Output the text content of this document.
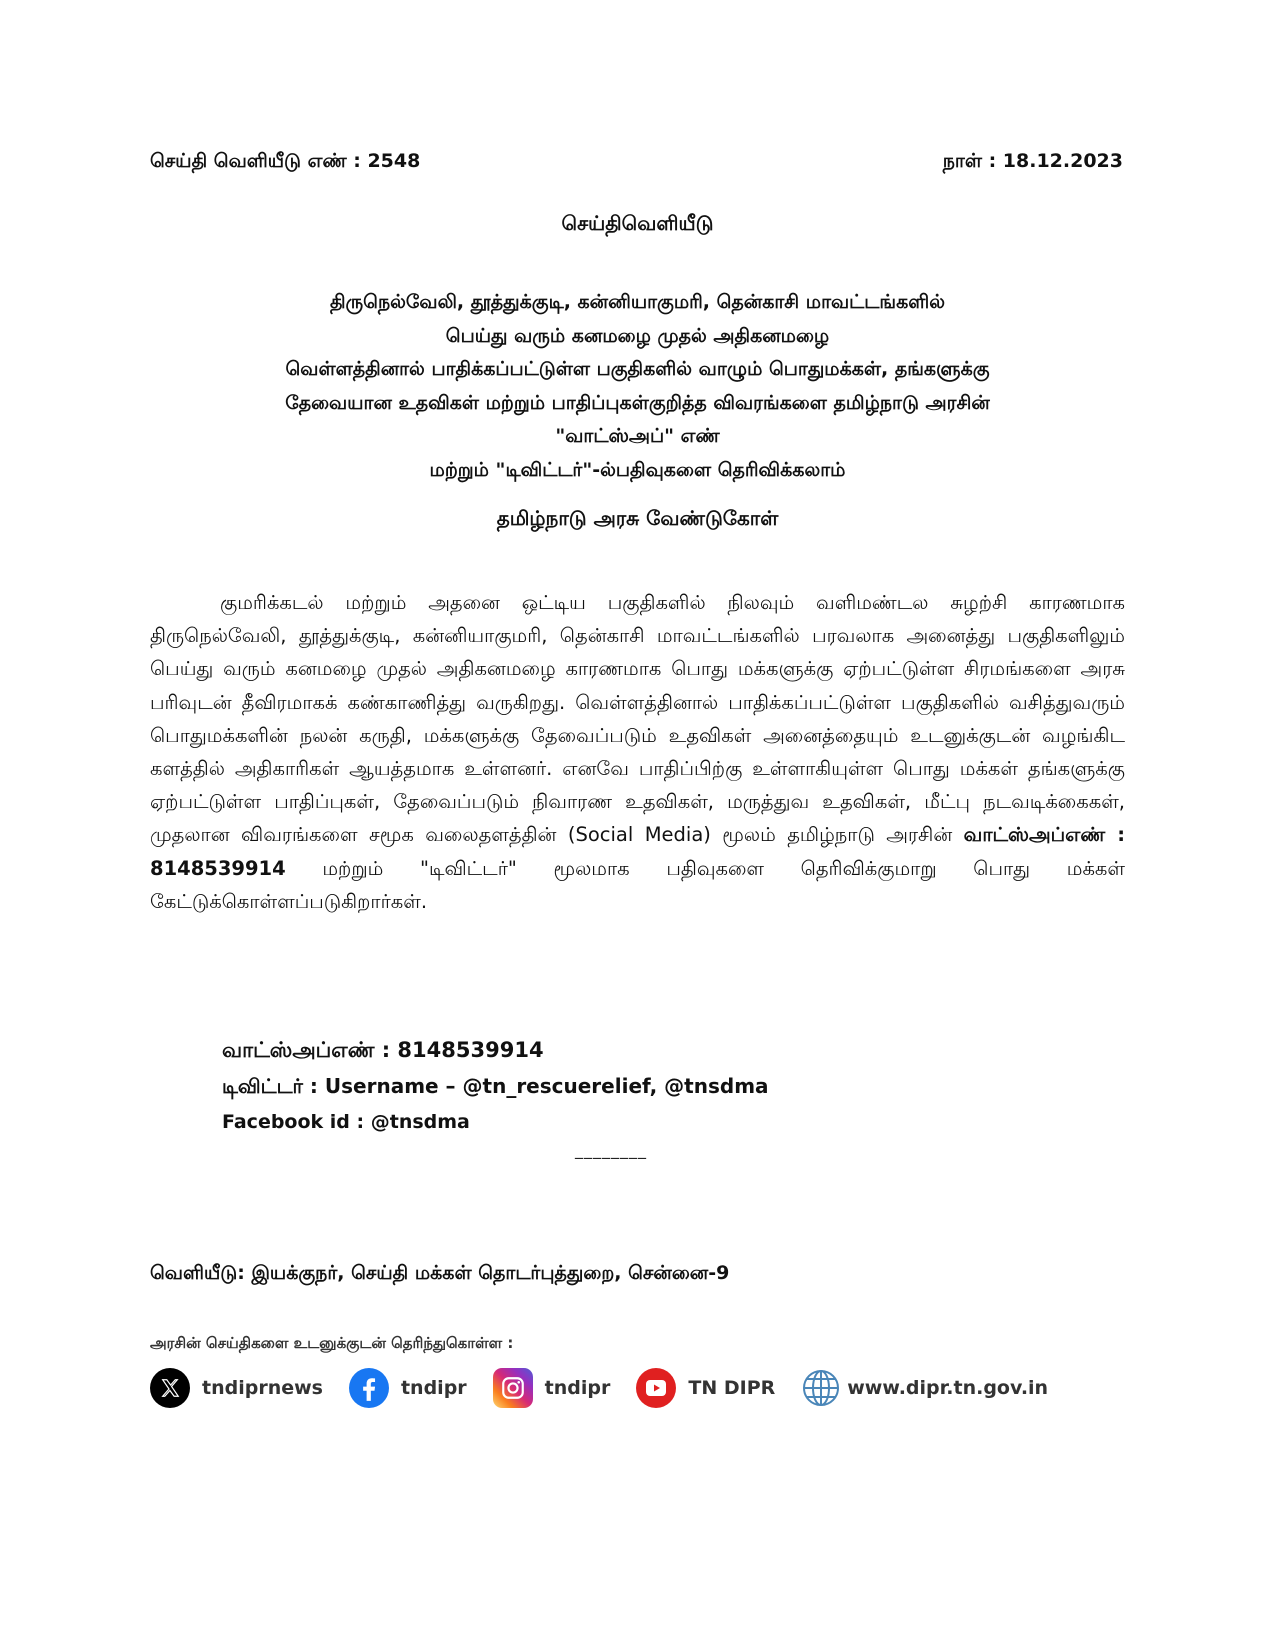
செய்தி வெளியீடு எண் : 2548	நாள் : 18.12.2023
செய்திவெளியீடு
திருநெல்வேலி, தூத்துக்குடி, கன்னியாகுமரி, தென்காசி மாவட்டங்களில்
பெய்து வரும் கனமழை முதல் அதிகனமழை
வெள்ளத்தினால் பாதிக்கப்பட்டுள்ள பகுதிகளில் வாழும் பொதுமக்கள், தங்களுக்கு
தேவையான உதவிகள் மற்றும் பாதிப்புகள்குறித்த விவரங்களை தமிழ்நாடு அரசின்
"வாட்ஸ்அப்" எண்
மற்றும் "டிவிட்டர்"-ல்பதிவுகளை தெரிவிக்கலாம்
தமிழ்நாடு அரசு வேண்டுகோள்
குமரிக்கடல் மற்றும் அதனை ஒட்டிய பகுதிகளில் நிலவும் வளிமண்டல சுழற்சி காரணமாக திருநெல்வேலி, தூத்துக்குடி, கன்னியாகுமரி, தென்காசி மாவட்டங்களில் பரவலாக அனைத்து பகுதிகளிலும் பெய்து வரும் கனமழை முதல் அதிகனமழை காரணமாக பொது மக்களுக்கு ஏற்பட்டுள்ள சிரமங்களை அரசு பரிவுடன் தீவிரமாகக் கண்காணித்து வருகிறது. வெள்ளத்தினால் பாதிக்கப்பட்டுள்ள பகுதிகளில் வசித்துவரும் பொதுமக்களின் நலன் கருதி, மக்களுக்கு தேவைப்படும் உதவிகள் அனைத்தையும் உடனுக்குடன் வழங்கிட களத்தில் அதிகாரிகள் ஆயத்தமாக உள்ளனர். எனவே பாதிப்பிற்கு உள்ளாகியுள்ள பொது மக்கள் தங்களுக்கு ஏற்பட்டுள்ள பாதிப்புகள், தேவைப்படும் நிவாரண உதவிகள், மருத்துவ உதவிகள், மீட்பு நடவடிக்கைகள், முதலான விவரங்களை சமூக வலைதளத்தின் (Social Media) மூலம் தமிழ்நாடு அரசின் வாட்ஸ்அப்எண் : 8148539914 மற்றும் "டிவிட்டர்" மூலமாக பதிவுகளை தெரிவிக்குமாறு பொது மக்கள் கேட்டுக்கொள்ளப்படுகிறார்கள்.
வாட்ஸ்அப்எண் : 8148539914
டிவிட்டர் : Username – @tn_rescuerelief, @tnsdma
Facebook id : @tnsdma
________
வெளியீடு: இயக்குநர், செய்தி மக்கள் தொடர்புத்துறை, சென்னை-9
அரசின் செய்திகளை உடனுக்குடன் தெரிந்துகொள்ள :
tndiprnews	tndipr	tndipr	TN DIPR	www.dipr.tn.gov.in
